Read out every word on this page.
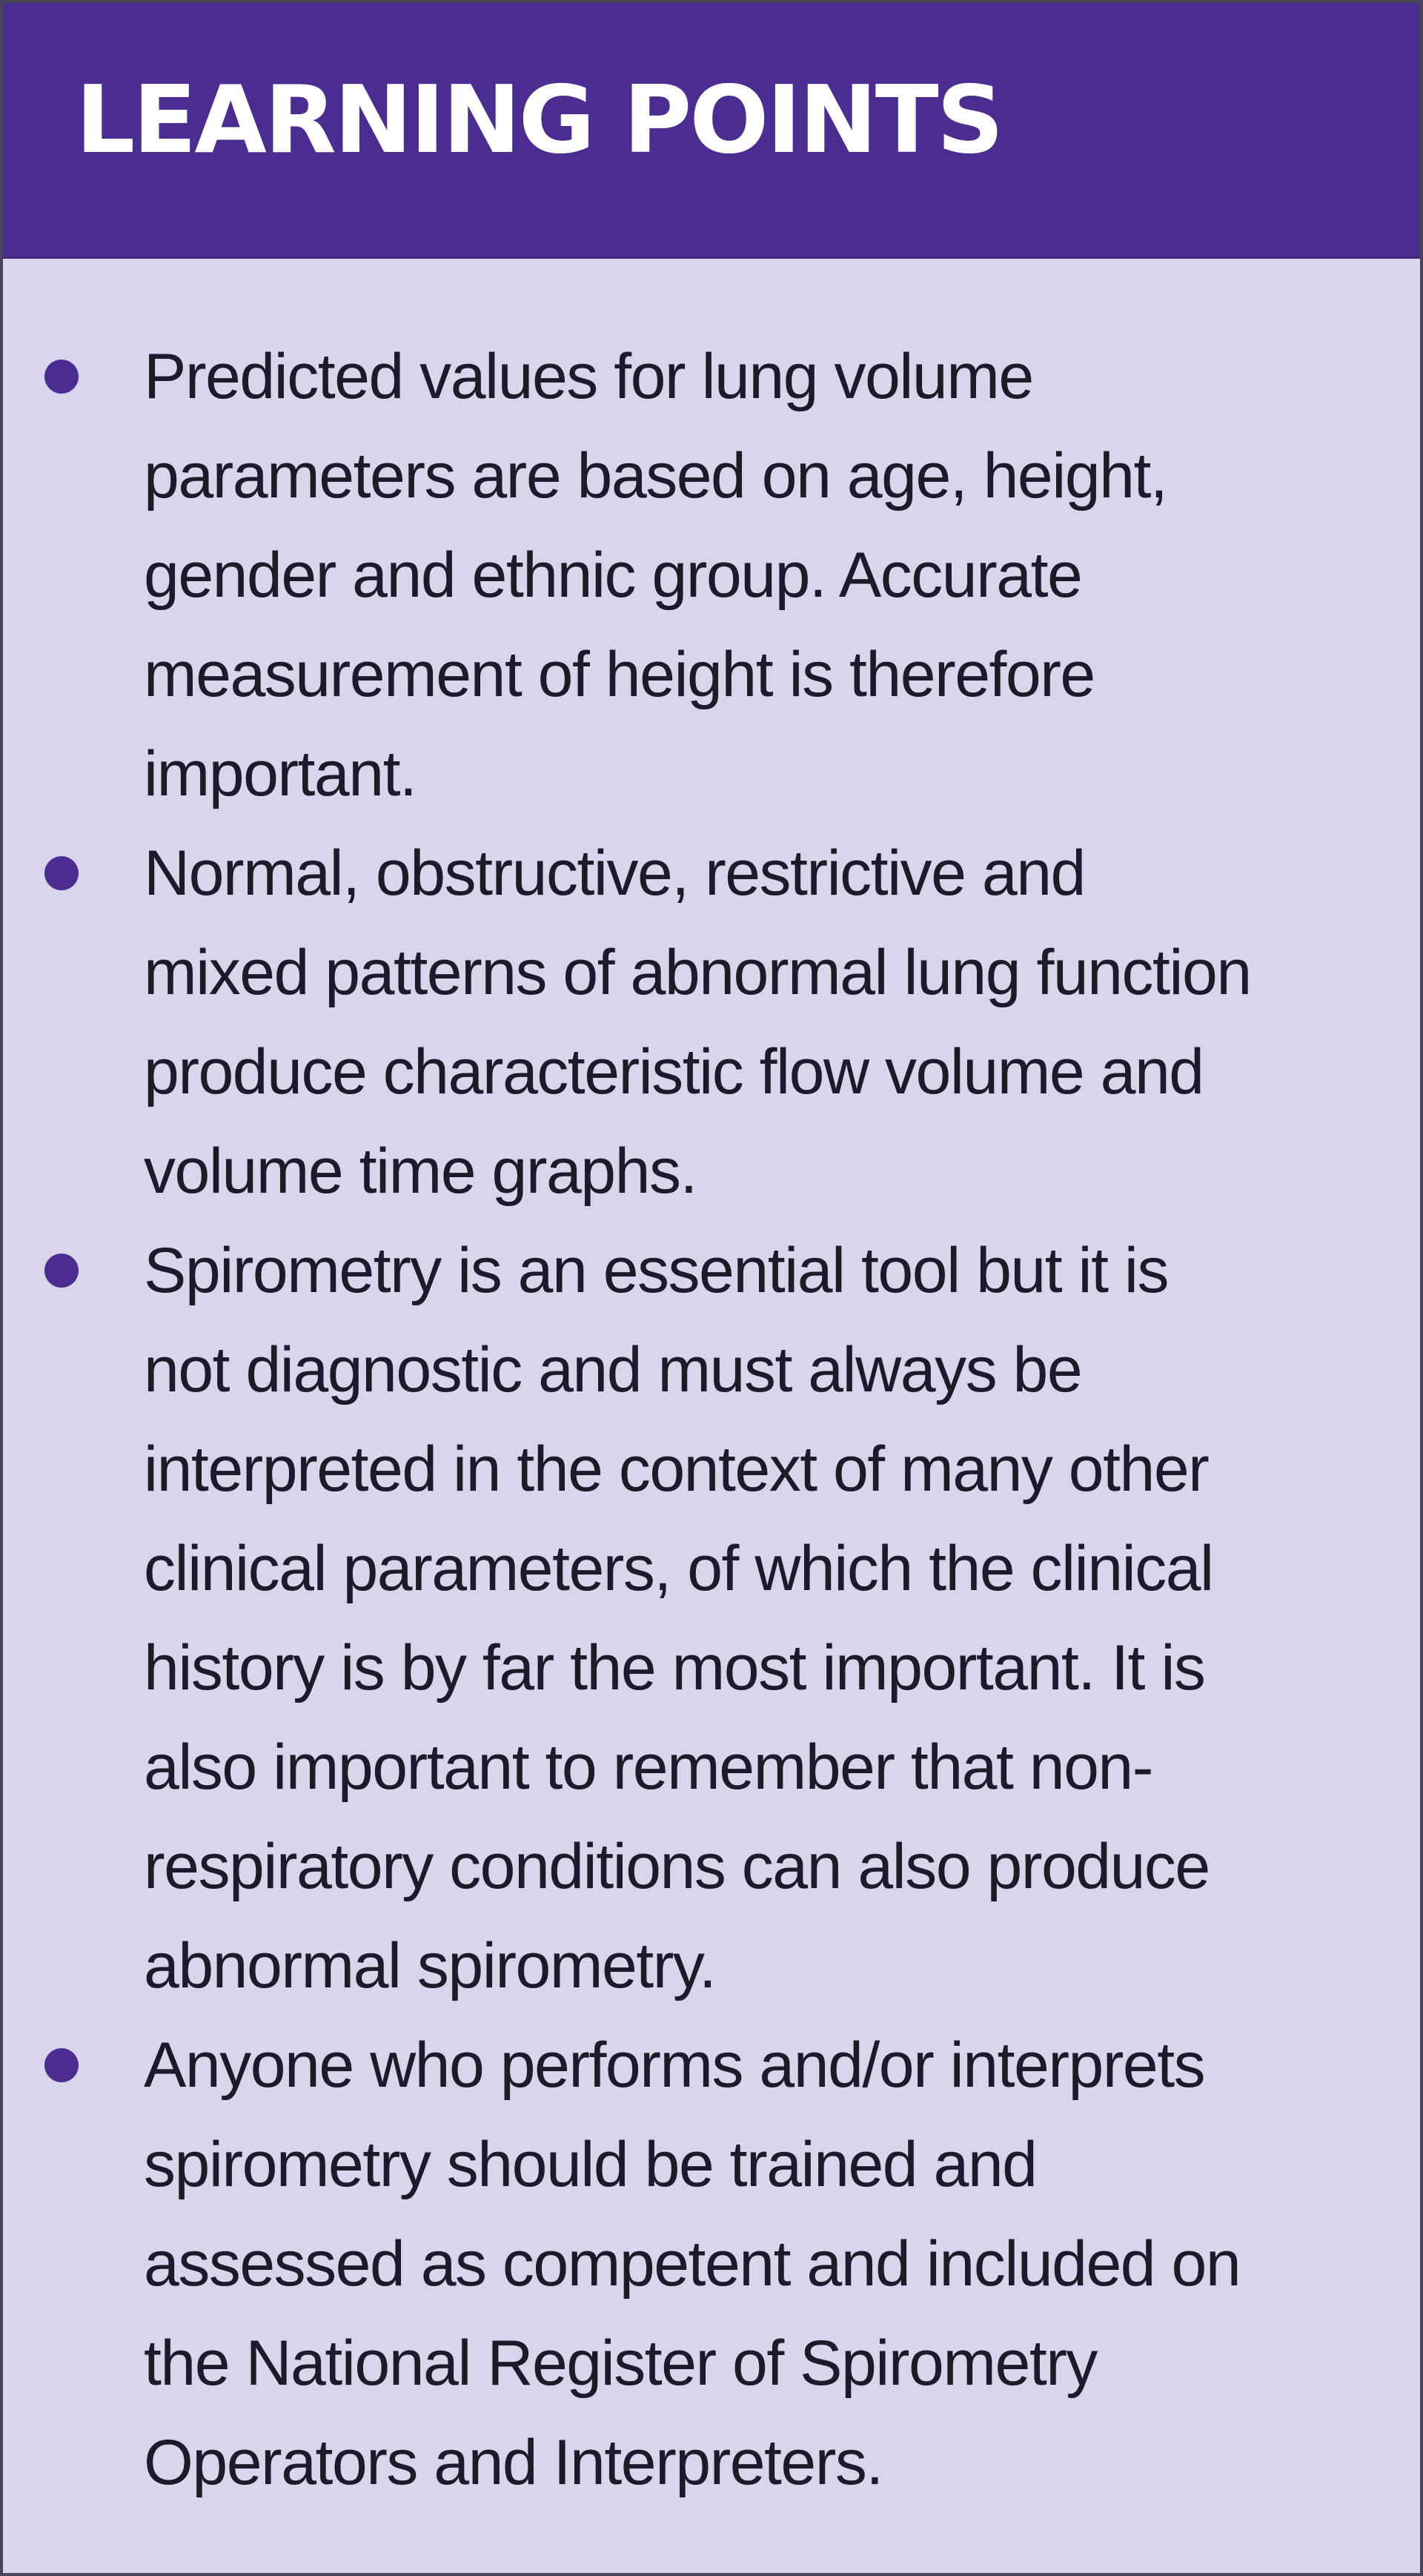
LEARNING POINTS
Predicted values for lung volume
parameters are based on age, height,
gender and ethnic group. Accurate
measurement of height is therefore
important.
Normal, obstructive, restrictive and
mixed patterns of abnormal lung function
produce characteristic flow volume and
volume time graphs.
Spirometry is an essential tool but it is
not diagnostic and must always be
interpreted in the context of many other
clinical parameters, of which the clinical
history is by far the most important. It is
also important to remember that non-
respiratory conditions can also produce
abnormal spirometry.
Anyone who performs and/or interprets
spirometry should be trained and
assessed as competent and included on
the National Register of Spirometry
Operators and Interpreters.
